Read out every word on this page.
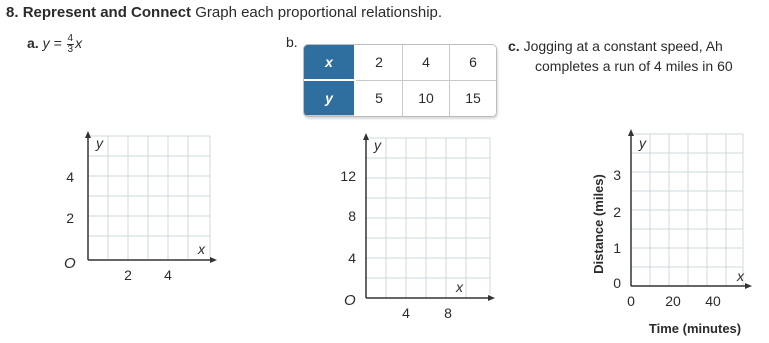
8. Represent and Connect Graph each proportional relationship.
a. $y = \frac{4}{3}$ x	b.
x	2	4	6
y	5	10	15
c. Jogging at a constant speed, Ah
completes a run of 4 miles in 60
y
x
O
4
2
2 4
y
x
O
12
8
4
4 8
y
x
0
3
2
1
0 20 40
Distance (miles)
Time (minutes)
